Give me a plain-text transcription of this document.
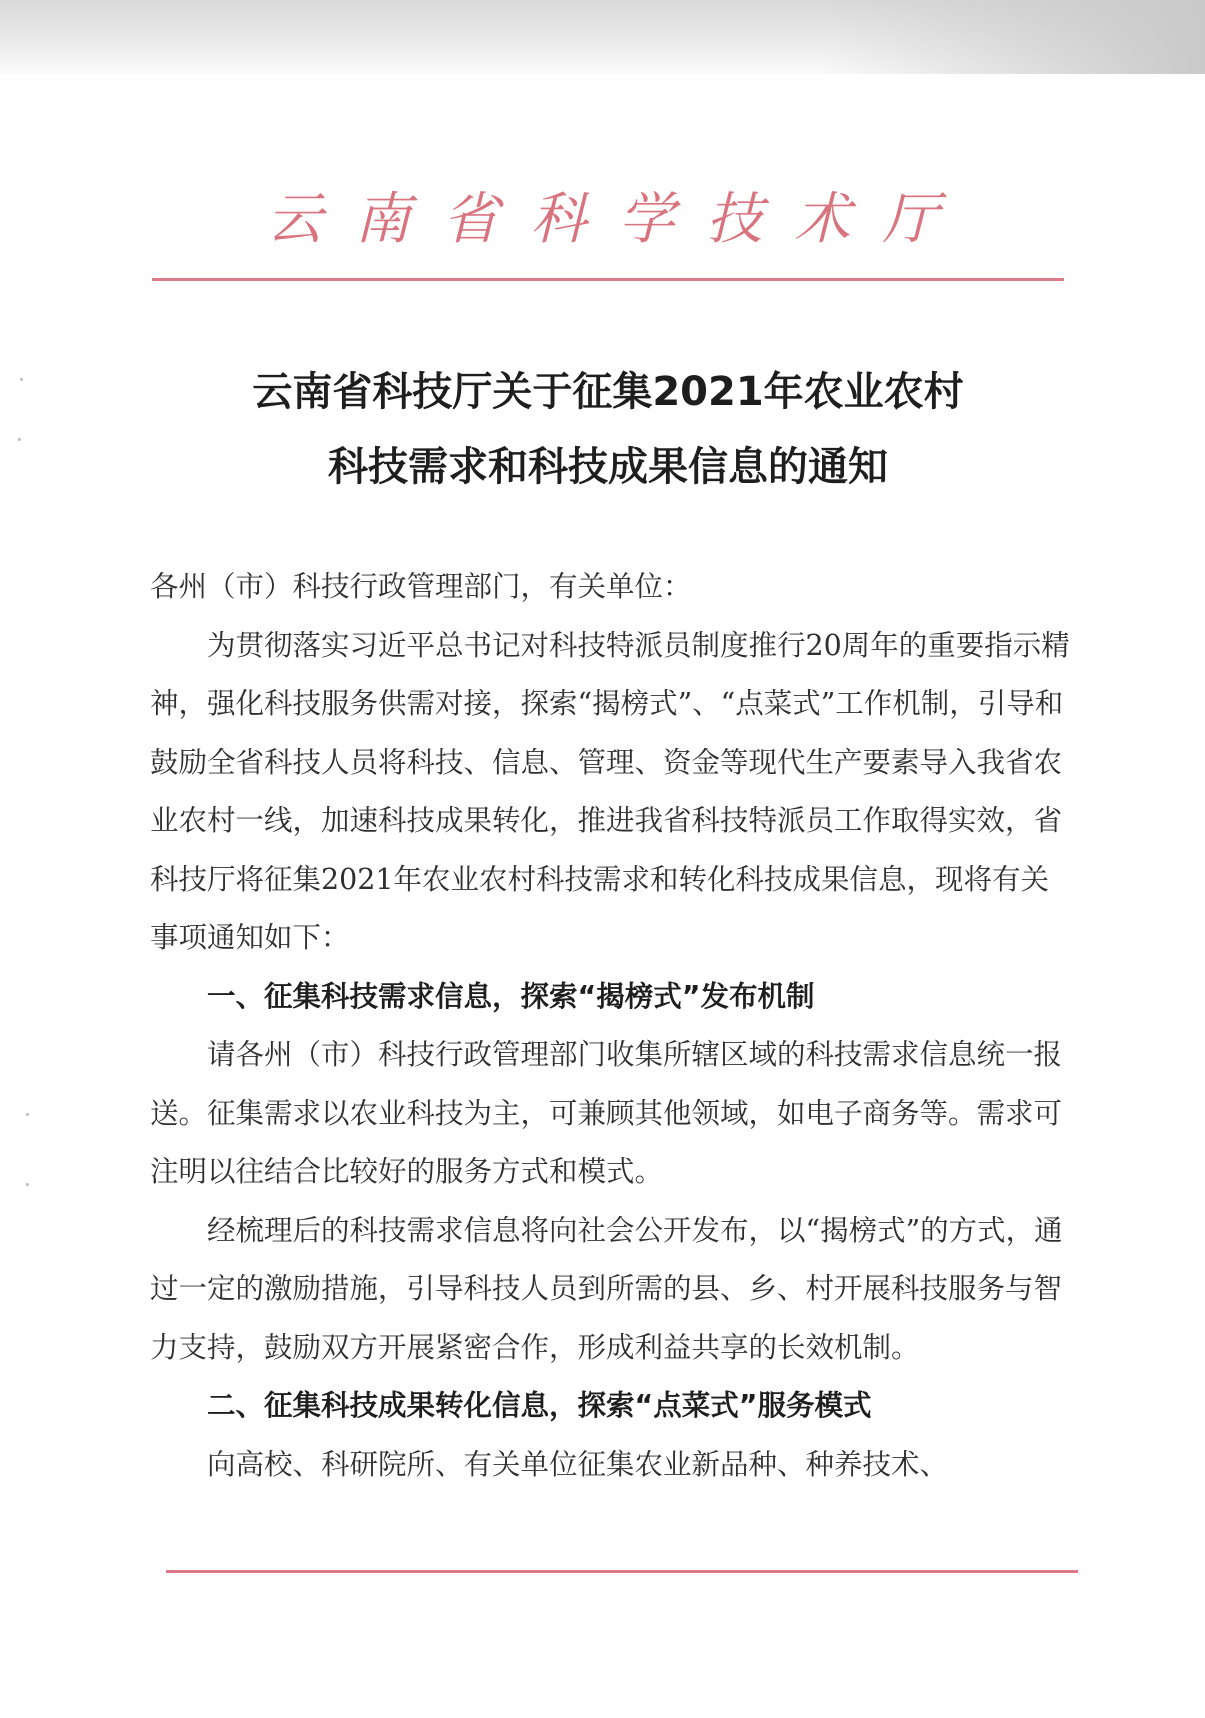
云南省科学技术厅
云南省科技厅关于征集2021年农业农村
科技需求和科技成果信息的通知

各州（市）科技行政管理部门，有关单位：

为贯彻落实习近平总书记对科技特派员制度推行20周年的重要指示精神，强化科技服务供需对接，探索“揭榜式”、“点菜式”工作机制，引导和鼓励全省科技人员将科技、信息、管理、资金等现代生产要素导入我省农业农村一线，加速科技成果转化，推进我省科技特派员工作取得实效，省科技厅将征集2021年农业农村科技需求和转化科技成果信息，现将有关事项通知如下：

一、征集科技需求信息，探索“揭榜式”发布机制

请各州（市）科技行政管理部门收集所辖区域的科技需求信息统一报送。征集需求以农业科技为主，可兼顾其他领域，如电子商务等。需求可注明以往结合比较好的服务方式和模式。

经梳理后的科技需求信息将向社会公开发布，以“揭榜式”的方式，通过一定的激励措施，引导科技人员到所需的县、乡、村开展科技服务与智力支持，鼓励双方开展紧密合作，形成利益共享的长效机制。

二、征集科技成果转化信息，探索“点菜式”服务模式

向高校、科研院所、有关单位征集农业新品种、种养技术、
